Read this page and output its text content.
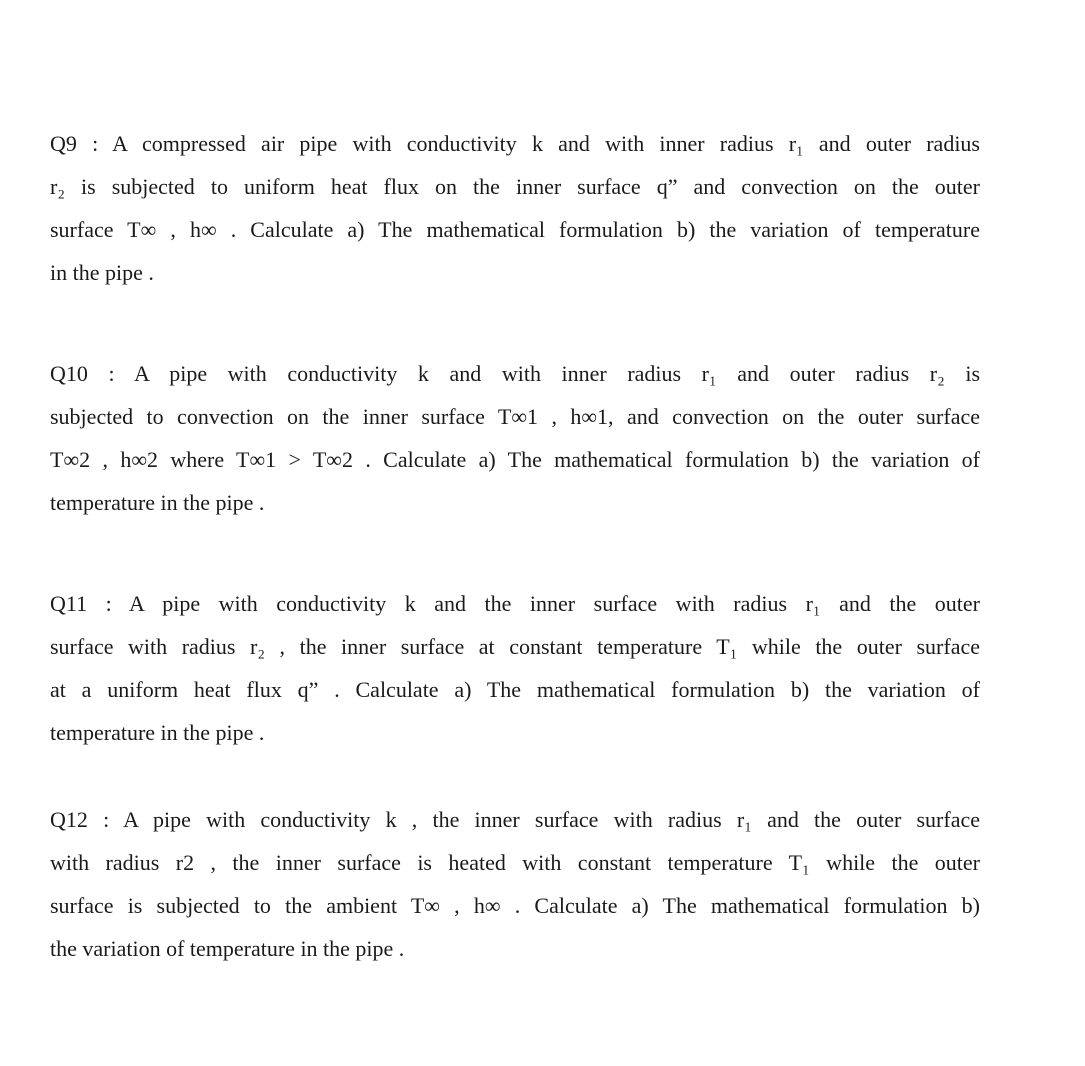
Q9 : A compressed air pipe with conductivity k and with inner radius r₁ and outer radius
r₂ is subjected to uniform heat flux on the inner surface q” and convection on the outer
surface T∞ , h∞ . Calculate a) The mathematical formulation b) the variation of temperature
in the pipe .
Q10 : A pipe with conductivity k and with inner radius r₁ and outer radius r₂ is
subjected to convection on the inner surface T∞1 , h∞1, and convection on the outer surface
T∞2 , h∞2 where T∞1 > T∞2 . Calculate a) The mathematical formulation b) the variation of
temperature in the pipe .
Q11 : A pipe with conductivity k and the inner surface with radius r₁ and the outer
surface with radius r₂ , the inner surface at constant temperature T₁ while the outer surface
at a uniform heat flux q” . Calculate a) The mathematical formulation b) the variation of
temperature in the pipe .
Q12 : A pipe with conductivity k , the inner surface with radius r₁ and the outer surface
with radius r2 , the inner surface is heated with constant temperature T₁ while the outer
surface is subjected to the ambient T∞ , h∞ . Calculate a) The mathematical formulation b)
the variation of temperature in the pipe .
